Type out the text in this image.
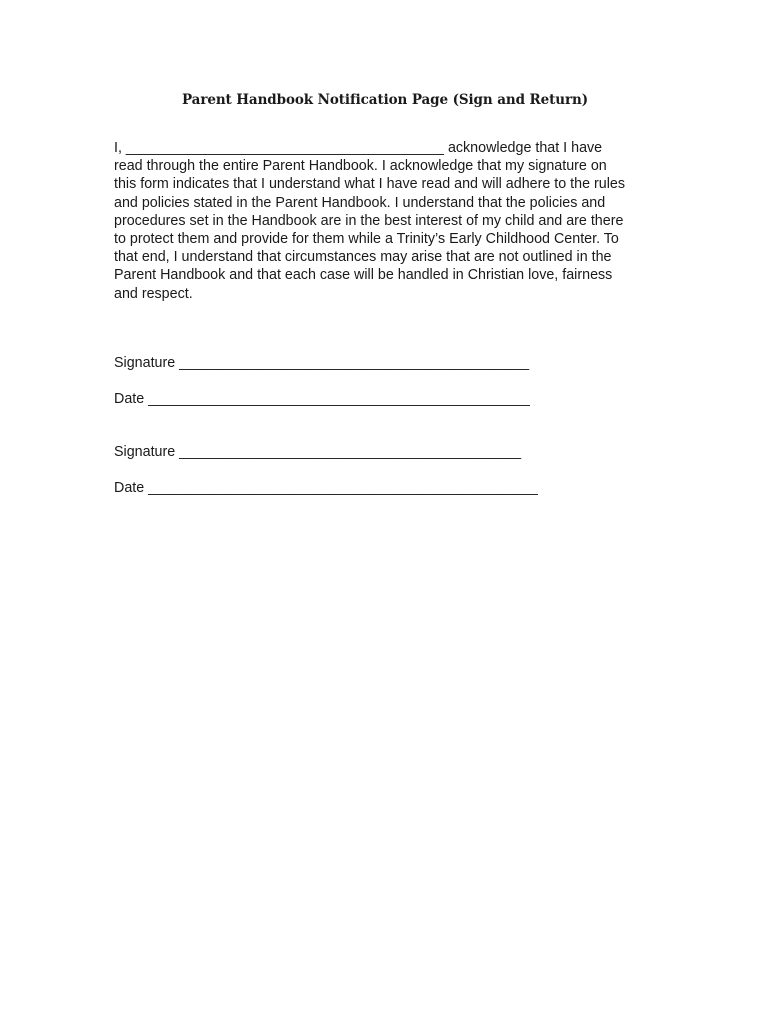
Parent Handbook Notification Page (Sign and Return)
I, ________________________________________ acknowledge that I have
read through the entire Parent Handbook. I acknowledge that my signature on
this form indicates that I understand what I have read and will adhere to the rules
and policies stated in the Parent Handbook. I understand that the policies and
procedures set in the Handbook are in the best interest of my child and are there
to protect them and provide for them while a Trinity’s Early Childhood Center. To
that end, I understand that circumstances may arise that are not outlined in the
Parent Handbook and that each case will be handled in Christian love, fairness
and respect.
Signature ____________________________________________
Date ________________________________________________
Signature ___________________________________________
Date _________________________________________________
